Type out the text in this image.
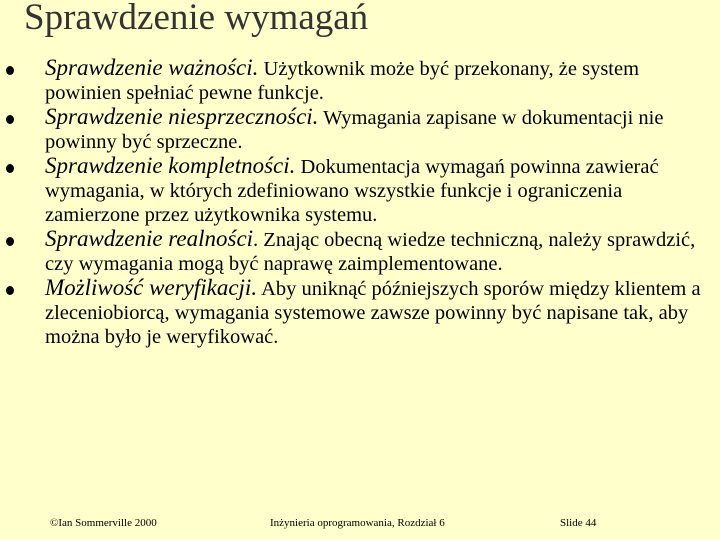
Sprawdzenie wymagań
Sprawdzenie ważności. Użytkownik może być przekonany, że system powinien spełniać pewne funkcje.
Sprawdzenie niesprzeczności. Wymagania zapisane w dokumentacji nie powinny być sprzeczne.
Sprawdzenie kompletności. Dokumentacja wymagań powinna zawierać wymagania, w których zdefiniowano wszystkie funkcje i ograniczenia zamierzone przez użytkownika systemu.
Sprawdzenie realności. Znając obecną wiedze techniczną, należy sprawdzić, czy wymagania mogą być naprawę zaimplementowane.
Możliwość weryfikacji. Aby uniknąć późniejszych sporów między klientem a zleceniobiorcą, wymagania systemowe zawsze powinny być napisane tak, aby można było je weryfikować.
©Ian Sommerville 2000	Inżynieria oprogramowania, Rozdział 6	Slide 44
